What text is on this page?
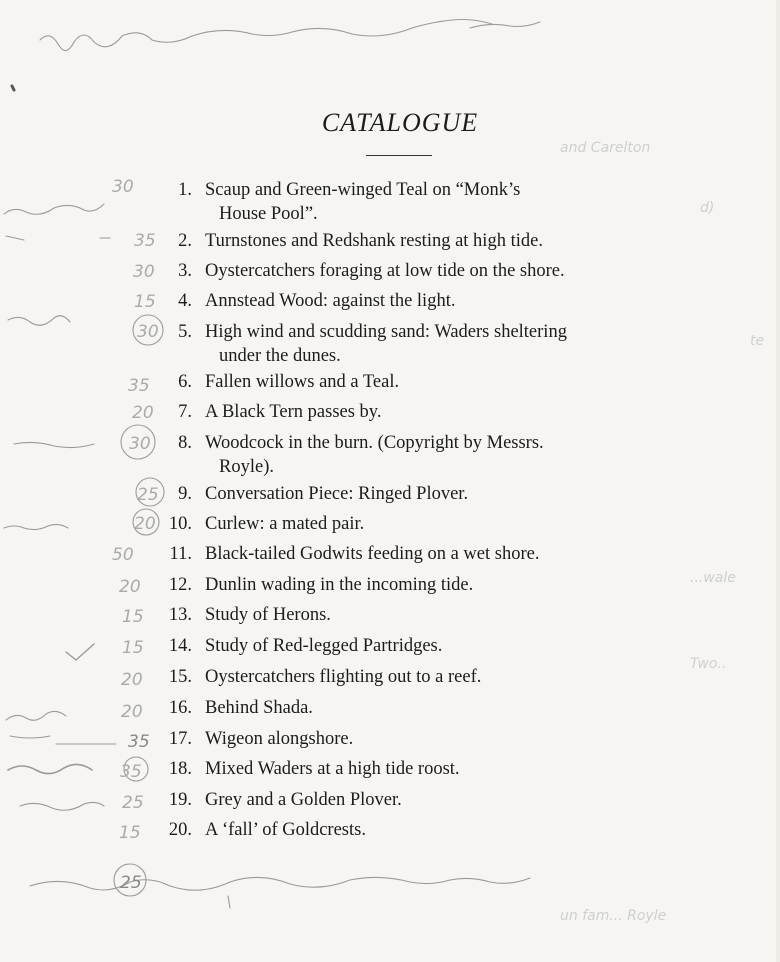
30
35
30
15
30
35
20
30
25
20
50
20
15
15
20
20
35
35
25
15
25
and Carelton
d)
te
...wale
Two..
un fam... Royle
CATALOGUE
1. Scaup and Green-winged Teal on “Monk’s
House Pool”.
2. Turnstones and Redshank resting at high tide.
3. Oystercatchers foraging at low tide on the shore.
4. Annstead Wood: against the light.
5. High wind and scudding sand: Waders sheltering
under the dunes.
6. Fallen willows and a Teal.
7. A Black Tern passes by.
8. Woodcock in the burn. (Copyright by Messrs.
Royle).
9. Conversation Piece: Ringed Plover.
10. Curlew: a mated pair.
11. Black-tailed Godwits feeding on a wet shore.
12. Dunlin wading in the incoming tide.
13. Study of Herons.
14. Study of Red-legged Partridges.
15. Oystercatchers flighting out to a reef.
16. Behind Shada.
17. Wigeon alongshore.
18. Mixed Waders at a high tide roost.
19. Grey and a Golden Plover.
20. A ‘fall’ of Goldcrests.
